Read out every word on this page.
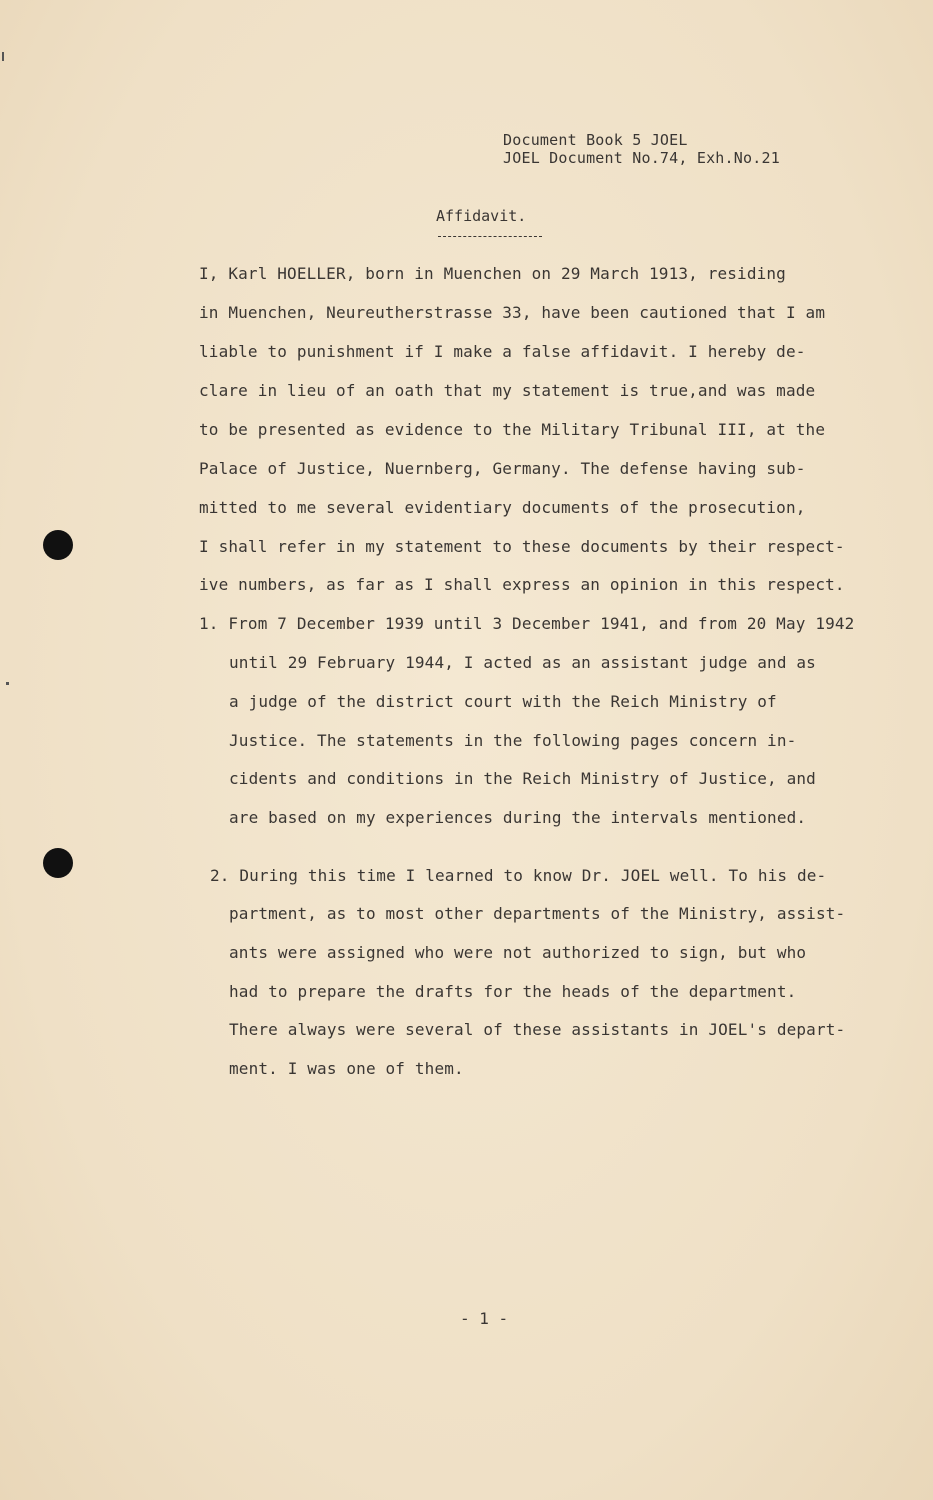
Document Book 5 JOEL
JOEL Document No.74, Exh.No.21
Affidavit.
I, Karl HOELLER, born in Muenchen on 29 March 1913, residing
in Muenchen, Neureutherstrasse 33, have been cautioned that I am
liable to punishment if I make a false affidavit. I hereby de-
clare in lieu of an oath that my statement is true,and was made
to be presented as evidence to the Military Tribunal III, at the
Palace of Justice, Nuernberg, Germany. The defense having sub-
mitted to me several evidentiary documents of the prosecution,
I shall refer in my statement to these documents by their respect-
ive numbers, as far as I shall express an opinion in this respect.
1. From 7 December 1939 until 3 December 1941, and from 20 May 1942
until 29 February 1944, I acted as an assistant judge and as
a judge of the district court with the Reich Ministry of
Justice. The statements in the following pages concern in-
cidents and conditions in the Reich Ministry of Justice, and
are based on my experiences during the intervals mentioned.
2. During this time I learned to know Dr. JOEL well. To his de-
partment, as to most other departments of the Ministry, assist-
ants were assigned who were not authorized to sign, but who
had to prepare the drafts for the heads of the department.
There always were several of these assistants in JOEL's depart-
ment. I was one of them.
- 1 -
